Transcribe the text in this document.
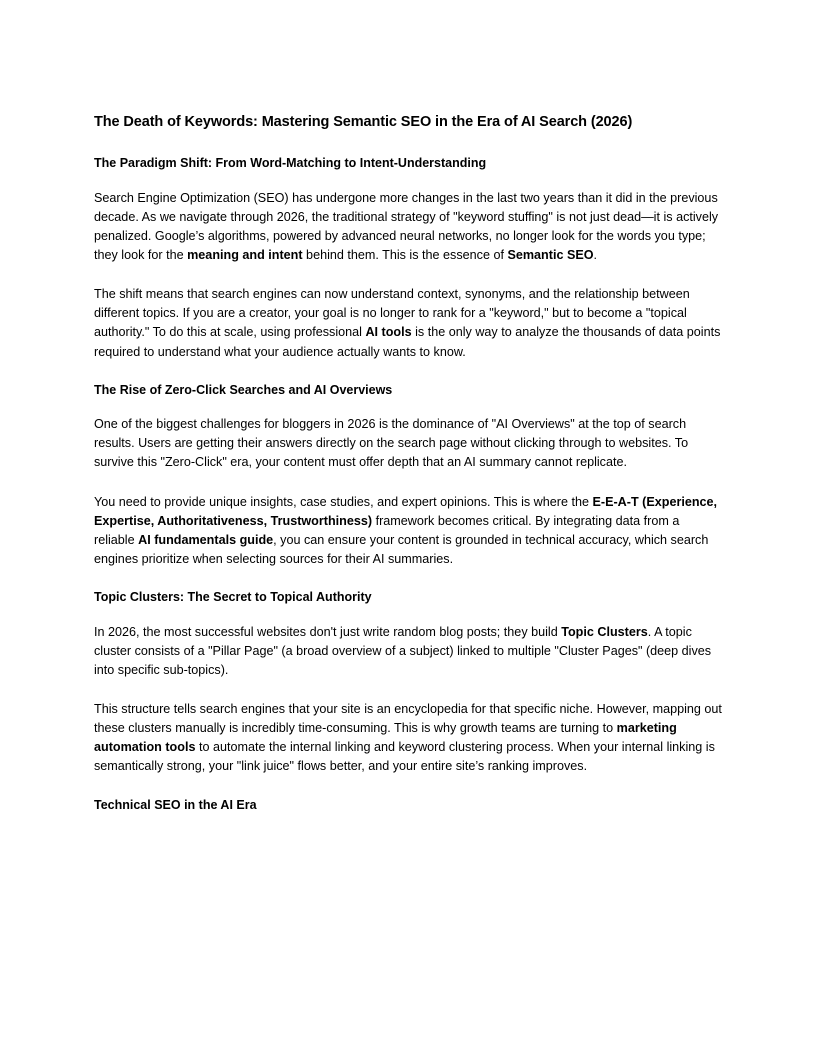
The Death of Keywords: Mastering Semantic SEO in the Era of AI Search (2026)
The Paradigm Shift: From Word-Matching to Intent-Understanding

Search Engine Optimization (SEO) has undergone more changes in the last two years than it did in the previous decade. As we navigate through 2026, the traditional strategy of "keyword stuffing" is not just dead—it is actively penalized. Google’s algorithms, powered by advanced neural networks, no longer look for the words you type; they look for the meaning and intent behind them. This is the essence of Semantic SEO.

The shift means that search engines can now understand context, synonyms, and the relationship between different topics. If you are a creator, your goal is no longer to rank for a "keyword," but to become a "topical authority." To do this at scale, using professional AI tools is the only way to analyze the thousands of data points required to understand what your audience actually wants to know.

The Rise of Zero-Click Searches and AI Overviews

One of the biggest challenges for bloggers in 2026 is the dominance of "AI Overviews" at the top of search results. Users are getting their answers directly on the search page without clicking through to websites. To survive this "Zero-Click" era, your content must offer depth that an AI summary cannot replicate.

You need to provide unique insights, case studies, and expert opinions. This is where the E-E-A-T (Experience, Expertise, Authoritativeness, Trustworthiness) framework becomes critical. By integrating data from a reliable AI fundamentals guide, you can ensure your content is grounded in technical accuracy, which search engines prioritize when selecting sources for their AI summaries.

Topic Clusters: The Secret to Topical Authority

In 2026, the most successful websites don't just write random blog posts; they build Topic Clusters. A topic cluster consists of a "Pillar Page" (a broad overview of a subject) linked to multiple "Cluster Pages" (deep dives into specific sub-topics).

This structure tells search engines that your site is an encyclopedia for that specific niche. However, mapping out these clusters manually is incredibly time-consuming. This is why growth teams are turning to marketing automation tools to automate the internal linking and keyword clustering process. When your internal linking is semantically strong, your "link juice" flows better, and your entire site’s ranking improves.

Technical SEO in the AI Era
